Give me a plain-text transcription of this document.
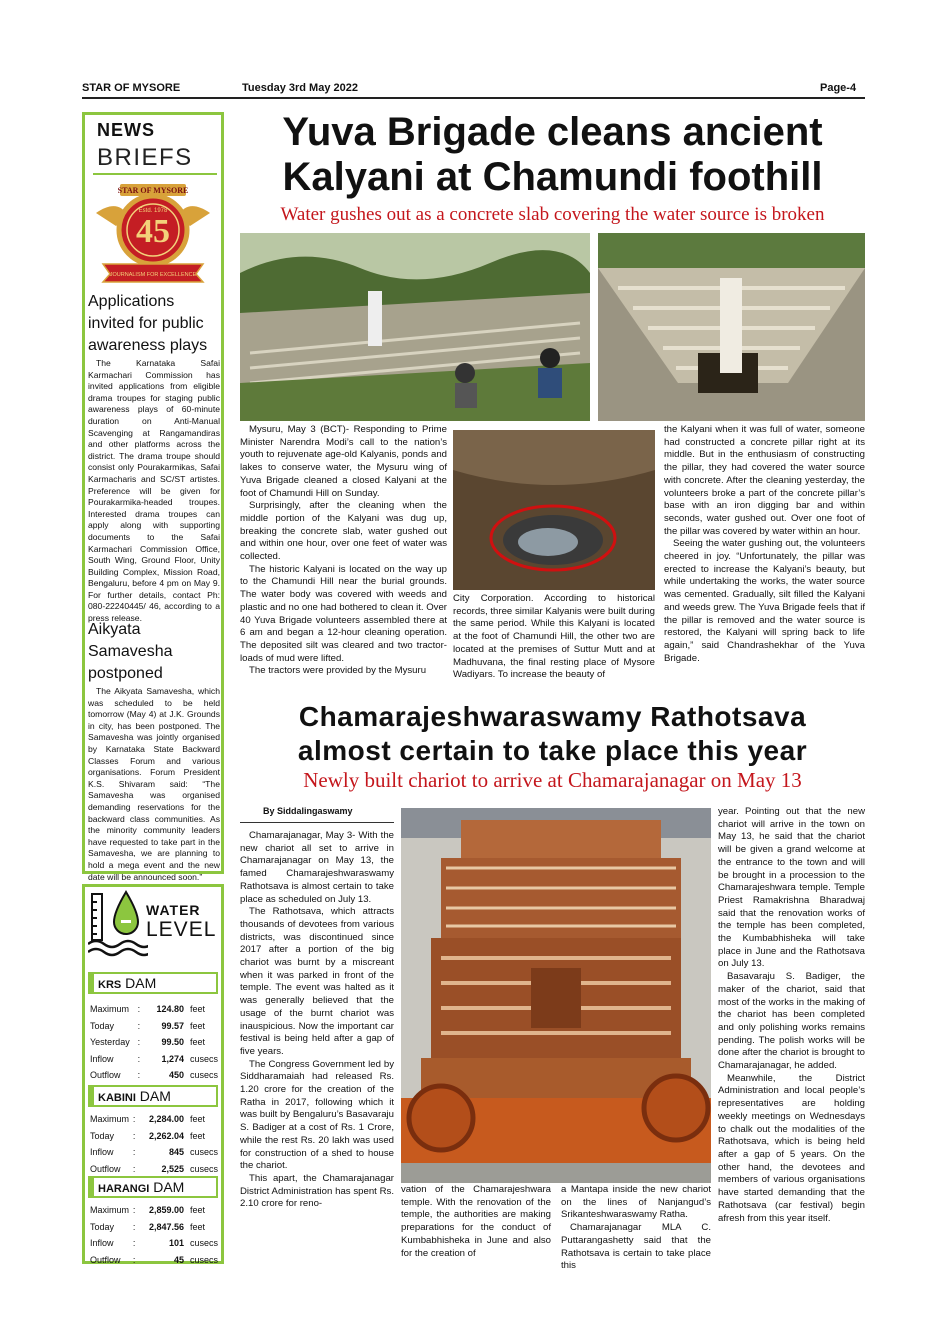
STAR OF MYSORE	Tuesday 3rd May 2022	Page-4
NEWS
BRIEFS
45
Estd. 1978
STAR OF MYSORE
JOURNALISM FOR EXCELLENCE
Applications invited for public awareness plays
The Karnataka Safai Karmachari Commission has invited applications from eligible drama troupes for staging public awareness plays of 60-minute duration on Anti-Manual Scavenging at Rangamandiras and other platforms across the district. The drama troupe should consist only Pourakarmikas, Safai Karmacharis and SC/ST artistes. Preference will be given for Pourakarmika-headed troupes. Interested drama troupes can apply along with supporting documents to the Safai Karmachari Commission Office, South Wing, Ground Floor, Unity Building Complex, Mission Road, Bengaluru, before 4 pm on May 9. For further details, contact Ph: 080-22240445/ 46, according to a press release.
Aikyata Samavesha postponed
The Aikyata Samavesha, which was scheduled to be held tomorrow (May 4) at J.K. Grounds in city, has been postponed. The Samavesha was jointly organised by Karnataka State Backward Classes Forum and various organisations. Forum President K.S. Shivaram said: “The Samavesha was organised demanding reservations for the backward class communities. As the minority community leaders have requested to take part in the Samavesha, we are planning to hold a mega event and the new date will be announced soon.”
Yuva Brigade cleans ancient
Kalyani at Chamundi foothill
Water gushes out as a concrete slab covering the water source is broken

Mysuru, May 3 (BCT)- Responding to Prime Minister Narendra Modi’s call to the nation’s youth to rejuvenate age-old Kalyanis, ponds and lakes to conserve water, the Mysuru wing of Yuva Brigade cleaned a closed Kalyani at the foot of Chamundi Hill on Sunday.

Surprisingly, after the cleaning when the middle portion of the Kalyani was dug up, breaking the concrete slab, water gushed out and within one hour, over one feet of water was collected.

The historic Kalyani is located on the way up to the Chamundi Hill near the burial grounds. The water body was covered with weeds and plastic and no one had bothered to clean it. Over 40 Yuva Brigade volunteers assembled there at 6 am and began a 12-hour cleaning operation. The deposited silt was cleared and two tractor-loads of mud were lifted.

The tractors were provided by the Mysuru

City Corporation. According to historical records, three similar Kalyanis were built during the same period. While this Kalyani is located at the foot of Chamundi Hill, the other two are located at the premises of Suttur Mutt and at Madhuvana, the final resting place of Mysore Wadiyars. To increase the beauty of

the Kalyani when it was full of water, someone had constructed a concrete pillar right at its middle. But in the enthusiasm of constructing the pillar, they had covered the water source with concrete. After the cleaning yesterday, the volunteers broke a part of the concrete pillar’s base with an iron digging bar and within seconds, water gushed out. Over one foot of the pillar was covered by water within an hour.

Seeing the water gushing out, the volunteers cheered in joy. “Unfortunately, the pillar was erected to increase the Kalyani’s beauty, but while undertaking the works, the water source was cemented. Gradually, silt filled the Kalyani and weeds grew. The Yuva Brigade feels that if the pillar is removed and the water source is restored, the Kalyani will spring back to life again,” said Chandrashekhar of the Yuva Brigade.

Chamarajeshwaraswamy Rathotsava
almost certain to take place this year
Newly built chariot to arrive at Chamarajanagar on May 13
By Siddalingaswamy

Chamarajanagar, May 3- With the new chariot all set to arrive in Chamarajanagar on May 13, the famed Chamarajeshwaraswamy Rathotsava is almost certain to take place as scheduled on July 13.

The Rathotsava, which attracts thousands of devotees from various districts, was discontinued since 2017 after a portion of the big chariot was burnt by a miscreant when it was parked in front of the temple. The event was halted as it was generally believed that the usage of the burnt chariot was inauspicious. Now the important car festival is being held after a gap of five years.

The Congress Government led by Siddharamaiah had released Rs. 1.20 crore for the creation of the Ratha in 2017, following which it was built by Bengaluru’s Basavaraju S. Badiger at a cost of Rs. 1 Crore, while the rest Rs. 20 lakh was used for construction of a shed to house the chariot.

This apart, the Chamarajanagar District Administration has spent Rs. 2.10 crore for reno-

vation of the Chamarajeshwara temple. With the renovation of the temple, the authorities are making preparations for the conduct of Kumbabhisheka in June and also for the creation of

a Mantapa inside the new chariot on the lines of Nanjangud’s Srikanteshwaraswamy Ratha.

Chamarajanagar MLA C. Puttarangashetty said that the Rathotsava is certain to take place this

year. Pointing out that the new chariot will arrive in the town on May 13, he said that the chariot will be given a grand welcome at the entrance to the town and will be brought in a procession to the Chamarajeshwara temple. Temple Priest Ramakrishna Bharadwaj said that the renovation works of the temple has been completed, the Kumbabhisheka will take place in June and the Rathotsava on July 13.

Basavaraju S. Badiger, the maker of the chariot, said that most of the works in the making of the chariot has been completed and only polishing works remains pending. The polish works will be done after the chariot is brought to Chamarajanagar, he added.

Meanwhile, the District Administration and local people’s representatives are holding weekly meetings on Wednesdays to chalk out the modalities of the Rathotsava, which is being held after a gap of 5 years. On the other hand, the devotees and members of various organisations have started demanding that the Rathotsava (car festival) begin afresh from this year itself.

WATER
LEVEL
KRS DAM
Maximum	:	124.80	feet
Today	:	99.57	feet
Yesterday	:	99.50	feet
Inflow	:	1,274	cusecs
Outflow	:	450	cusecs
KABINI DAM
Maximum	:	2,284.00	feet
Today	:	2,262.04	feet
Inflow	:	845	cusecs
Outflow	:	2,525	cusecs
HARANGI DAM
Maximum	:	2,859.00	feet
Today	:	2,847.56	feet
Inflow	:	101	cusecs
Outflow	:	45	cusecs
